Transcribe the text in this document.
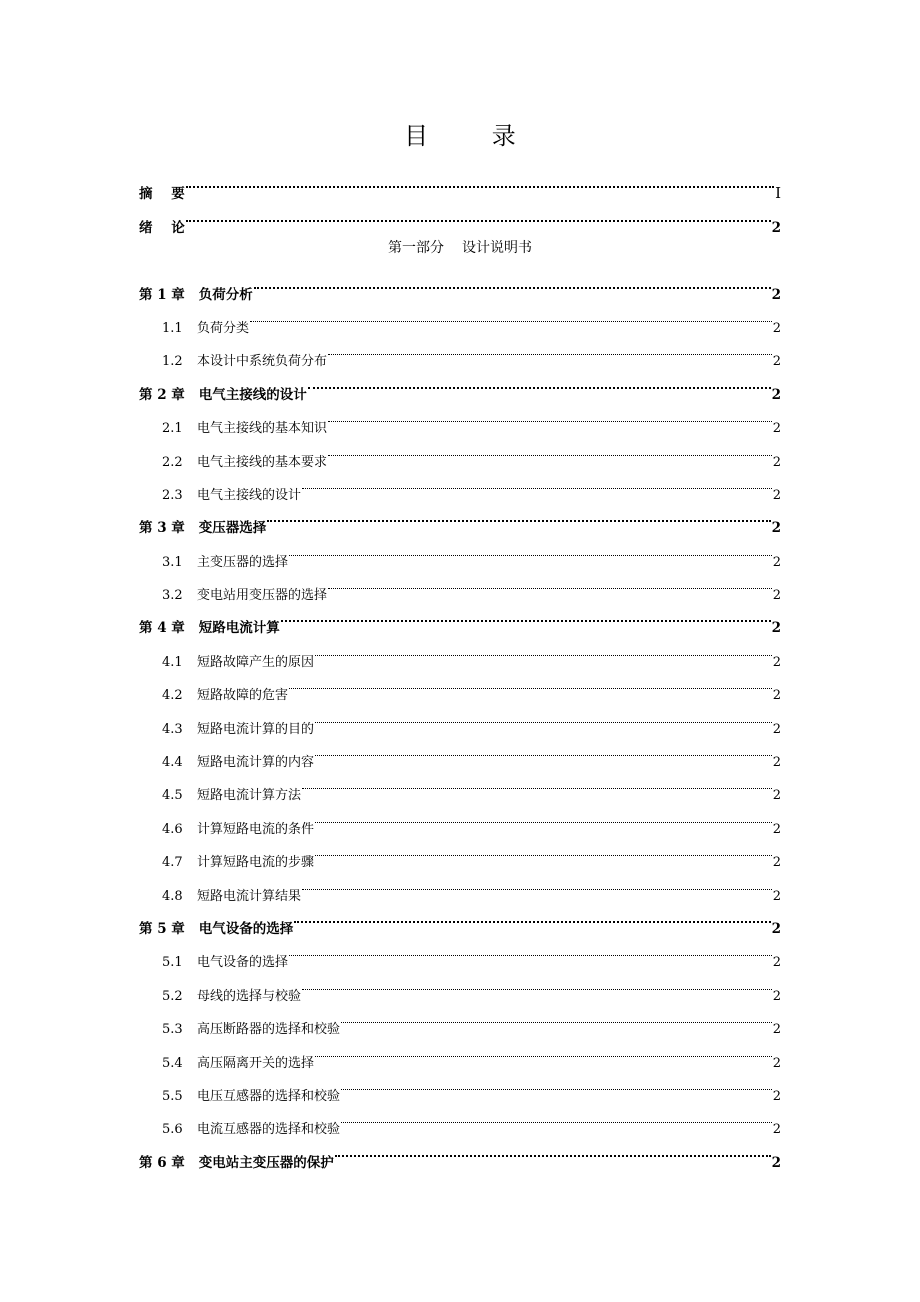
目 录
摘    要	I
绪    论	2
第一部分 设计说明书
第 1 章 负荷分析	2
1.1	负荷分类	2
1.2	本设计中系统负荷分布	2
第 2 章 电气主接线的设计	2
2.1	电气主接线的基本知识	2
2.2	电气主接线的基本要求	2
2.3	电气主接线的设计	2
第 3 章 变压器选择	2
3.1	主变压器的选择	2
3.2	变电站用变压器的选择	2
第 4 章 短路电流计算	2
4.1	短路故障产生的原因	2
4.2	短路故障的危害	2
4.3	短路电流计算的目的	2
4.4	短路电流计算的内容	2
4.5	短路电流计算方法	2
4.6	计算短路电流的条件	2
4.7	计算短路电流的步骤	2
4.8	短路电流计算结果	2
第 5 章 电气设备的选择	2
5.1	电气设备的选择	2
5.2	母线的选择与校验	2
5.3	高压断路器的选择和校验	2
5.4	高压隔离开关的选择	2
5.5	电压互感器的选择和校验	2
5.6	电流互感器的选择和校验	2
第 6 章 变电站主变压器的保护	2
